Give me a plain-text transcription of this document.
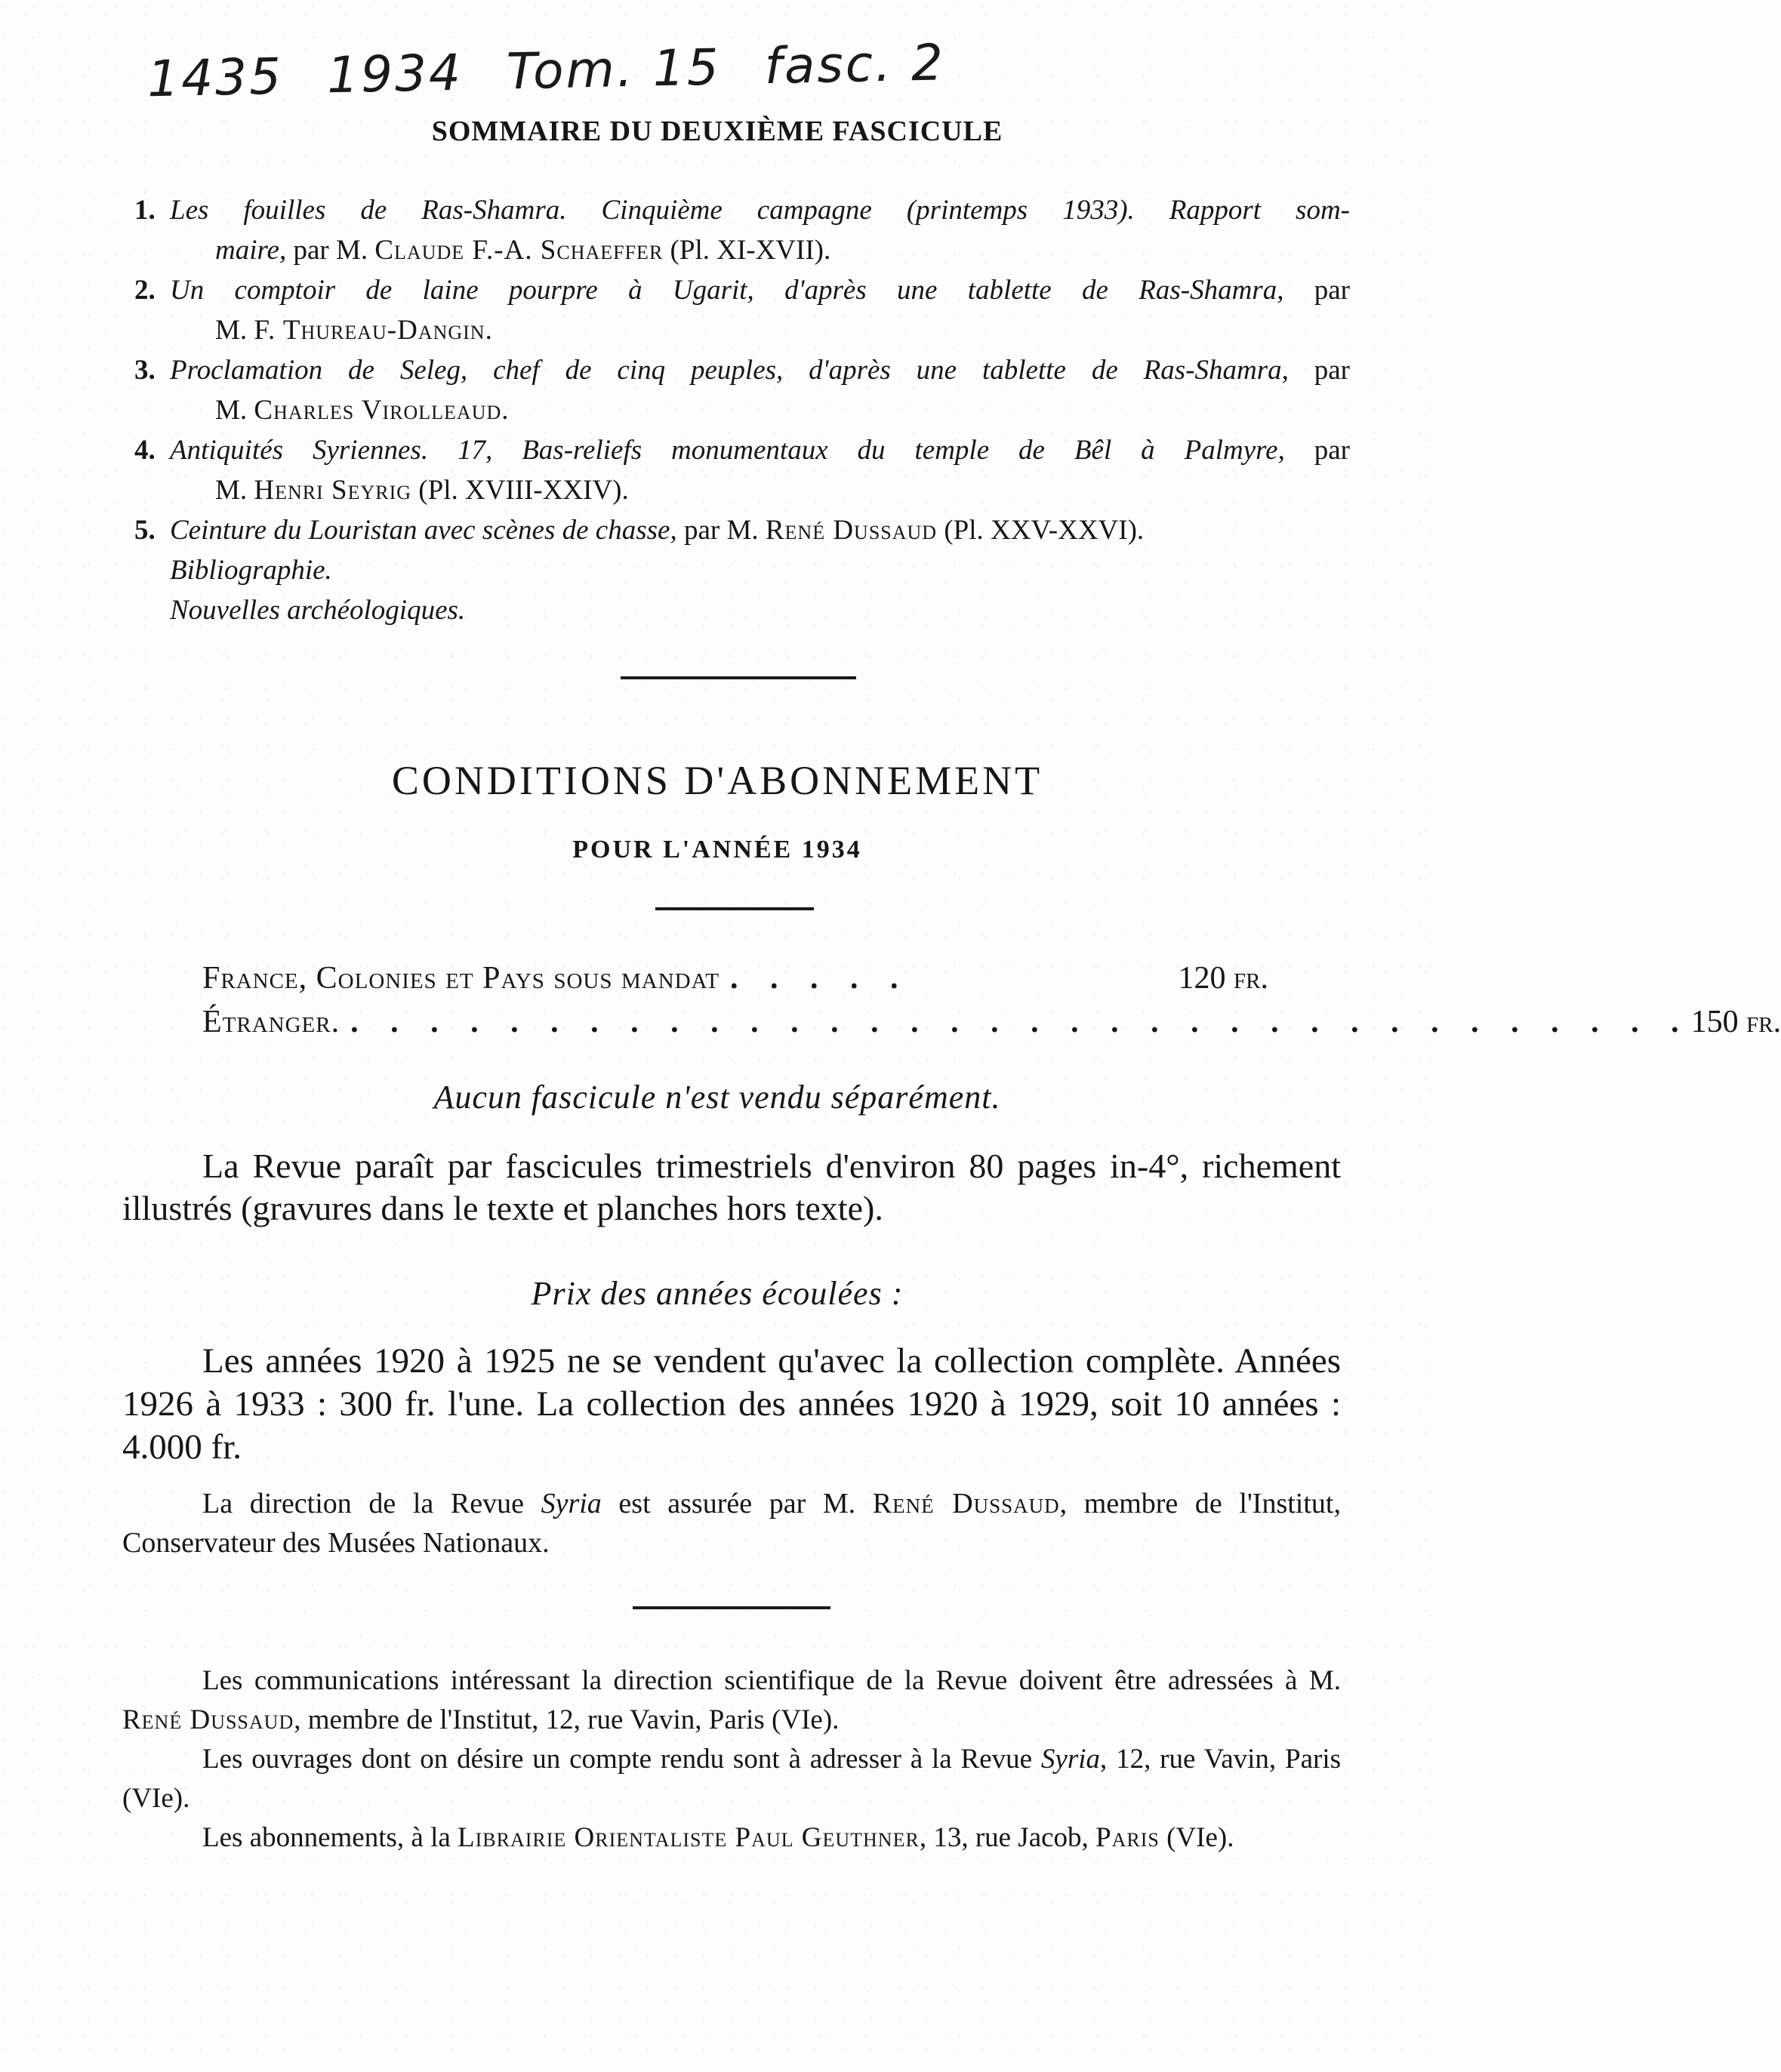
1435 1934 Tom. 15 fasc. 2
SOMMAIRE DU DEUXIÈME FASCICULE
1. Les fouilles de Ras-Shamra. Cinquième campagne (printemps 1933). Rapport som-
maire, par M. Claude F.-A. Schaeffer (Pl. XI-XVII).
2. Un comptoir de laine pourpre à Ugarit, d'après une tablette de Ras-Shamra, par
M. F. Thureau-Dangin.
3. Proclamation de Seleg, chef de cinq peuples, d'après une tablette de Ras-Shamra, par
M. Charles Virolleaud.
4. Antiquités Syriennes. 17, Bas-reliefs monumentaux du temple de Bêl à Palmyre, par
M. Henri Seyrig (Pl. XVIII-XXIV).
5. Ceinture du Louristan avec scènes de chasse, par M. René Dussaud (Pl. XXV-XXVI).
Bibliographie.
Nouvelles archéologiques.
CONDITIONS D'ABONNEMENT
POUR L'ANNÉE 1934
France, Colonies et Pays sous mandat . . . . .	120 fr.
Étranger. . . . . . . . . . . . . . . . . . . . . . . . . . . . . . . . . . . 150 fr.
Aucun fascicule n'est vendu séparément.

La Revue paraît par fascicules trimestriels d'environ 80 pages in-4°, richement illustrés (gravures dans le texte et planches hors texte).

Prix des années écoulées :

Les années 1920 à 1925 ne se vendent qu'avec la collection complète. Années 1926 à 1933 : 300 fr. l'une. La collection des années 1920 à 1929, soit 10 années : 4.000 fr.

La direction de la Revue Syria est assurée par M. René Dussaud, membre de l'Institut, Conservateur des Musées Nationaux.

Les communications intéressant la direction scientifique de la Revue doivent être adressées à M. René Dussaud, membre de l'Institut, 12, rue Vavin, Paris (VIe).

Les ouvrages dont on désire un compte rendu sont à adresser à la Revue Syria, 12, rue Vavin, Paris (VIe).

Les abonnements, à la Librairie Orientaliste Paul Geuthner, 13, rue Jacob, Paris (VIe).
